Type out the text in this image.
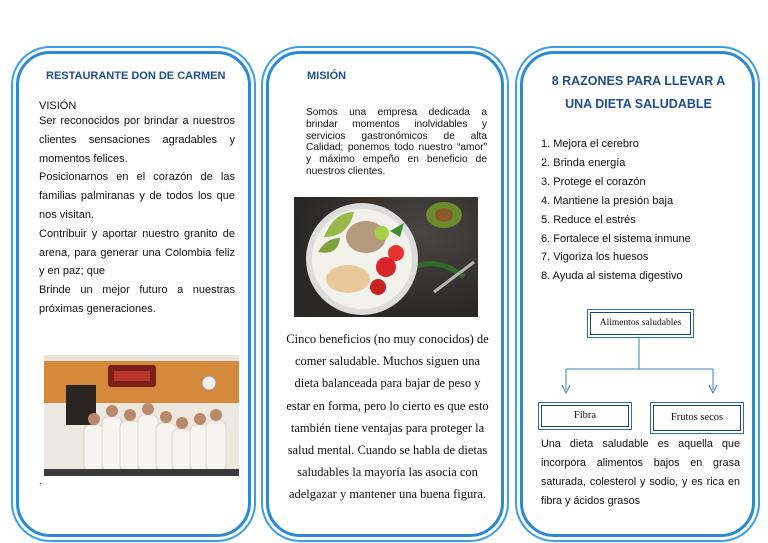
RESTAURANTE DON DE CARMEN
VISIÓN
Ser reconocidos por brindar a nuestros clientes sensaciones agradables y momentos felices.
Posicionarnos en el corazón de las familias palmiranas y de todos los que nos visitan.
Contribuir y aportar nuestro granito de arena, para generar una Colombia feliz y en paz; que
Brinde un mejor futuro a nuestras próximas generaciones.
.
MISIÓN
Somos una empresa dedicada a brindar momentos inolvidables y servicios gastronómicos de alta Calidad; ponemos todo nuestro “amor” y máximo empeño en beneficio de nuestros clientes.
Cinco beneficios (no muy conocidos) de comer saludable. Muchos siguen una dieta balanceada para bajar de peso y estar en forma, pero lo cierto es que esto también tiene ventajas para proteger la salud mental. Cuando se habla de dietas saludables la mayoría las asocia con adelgazar y mantener una buena figura.
8 RAZONES PARA LLEVAR A UNA DIETA SALUDABLE
1. Mejora el cerebro
2. Brinda energía
3. Protege el corazón
4. Mantiene la presión baja
5. Reduce el estrés
6. Fortalece el sistema inmune
7. Vigoriza los huesos
8. Ayuda al sistema digestivo
Alimentos saludables
Fibra	Frutos secos
Una dieta saludable es aquella que incorpora alimentos bajos en grasa saturada, colesterol y sodio, y es rica en fibra y ácidos grasos
